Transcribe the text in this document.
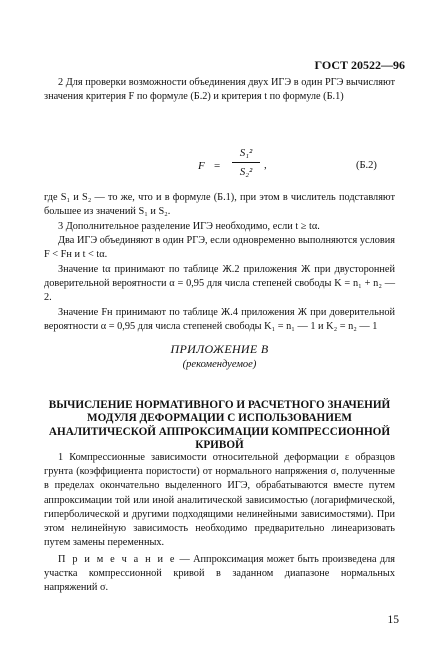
ГОСТ 20522—96

2 Для проверки возможности объединения двух ИГЭ в один РГЭ вычисляют значения критерия F по формуле (Б.2) и критерия t по формуле (Б.1)

F =
S₁²
S₂²
,	(Б.2)

где S₁ и S₂ — то же, что и в формуле (Б.1), при этом в числитель подставляют большее из значений S₁ и S₂.

3 Дополнительное разделение ИГЭ необходимо, если t ≥ tα.

Два ИГЭ объединяют в один РГЭ, если одновременно выполняются условия F < Fн и t < tα.

Значение tα принимают по таблице Ж.2 приложения Ж при двусторонней доверительной вероятности α = 0,95 для числа степеней свободы K = n₁ + n₂ — 2.

Значение Fн принимают по таблице Ж.4 приложения Ж при доверительной вероятности α = 0,95 для числа степеней свободы K₁ = n₁ — 1 и K₂ = n₂ — 1

ПРИЛОЖЕНИЕ В
(рекомендуемое)
ВЫЧИСЛЕНИЕ НОРМАТИВНОГО И РАСЧЕТНОГО ЗНАЧЕНИЙ МОДУЛЯ ДЕФОРМАЦИИ С ИСПОЛЬЗОВАНИЕМ АНАЛИТИЧЕСКОЙ АППРОКСИМАЦИИ КОМПРЕССИОННОЙ КРИВОЙ

1 Компрессионные зависимости относительной деформации ε образцов грунта (коэффициента пористости) от нормального напряжения σ, полученные в пределах окончательно выделенного ИГЭ, обрабатываются вместе путем аппроксимации той или иной аналитической зависимостью (логарифмической, гиперболической и другими подходящими нелинейными зависимостями). При этом нелинейную зависимость необходимо предварительно линеаризовать путем замены переменных.

П р и м е ч а н и е — Аппроксимация может быть произведена для участка компрессионной кривой в заданном диапазоне нормальных напряжений σ.

15
